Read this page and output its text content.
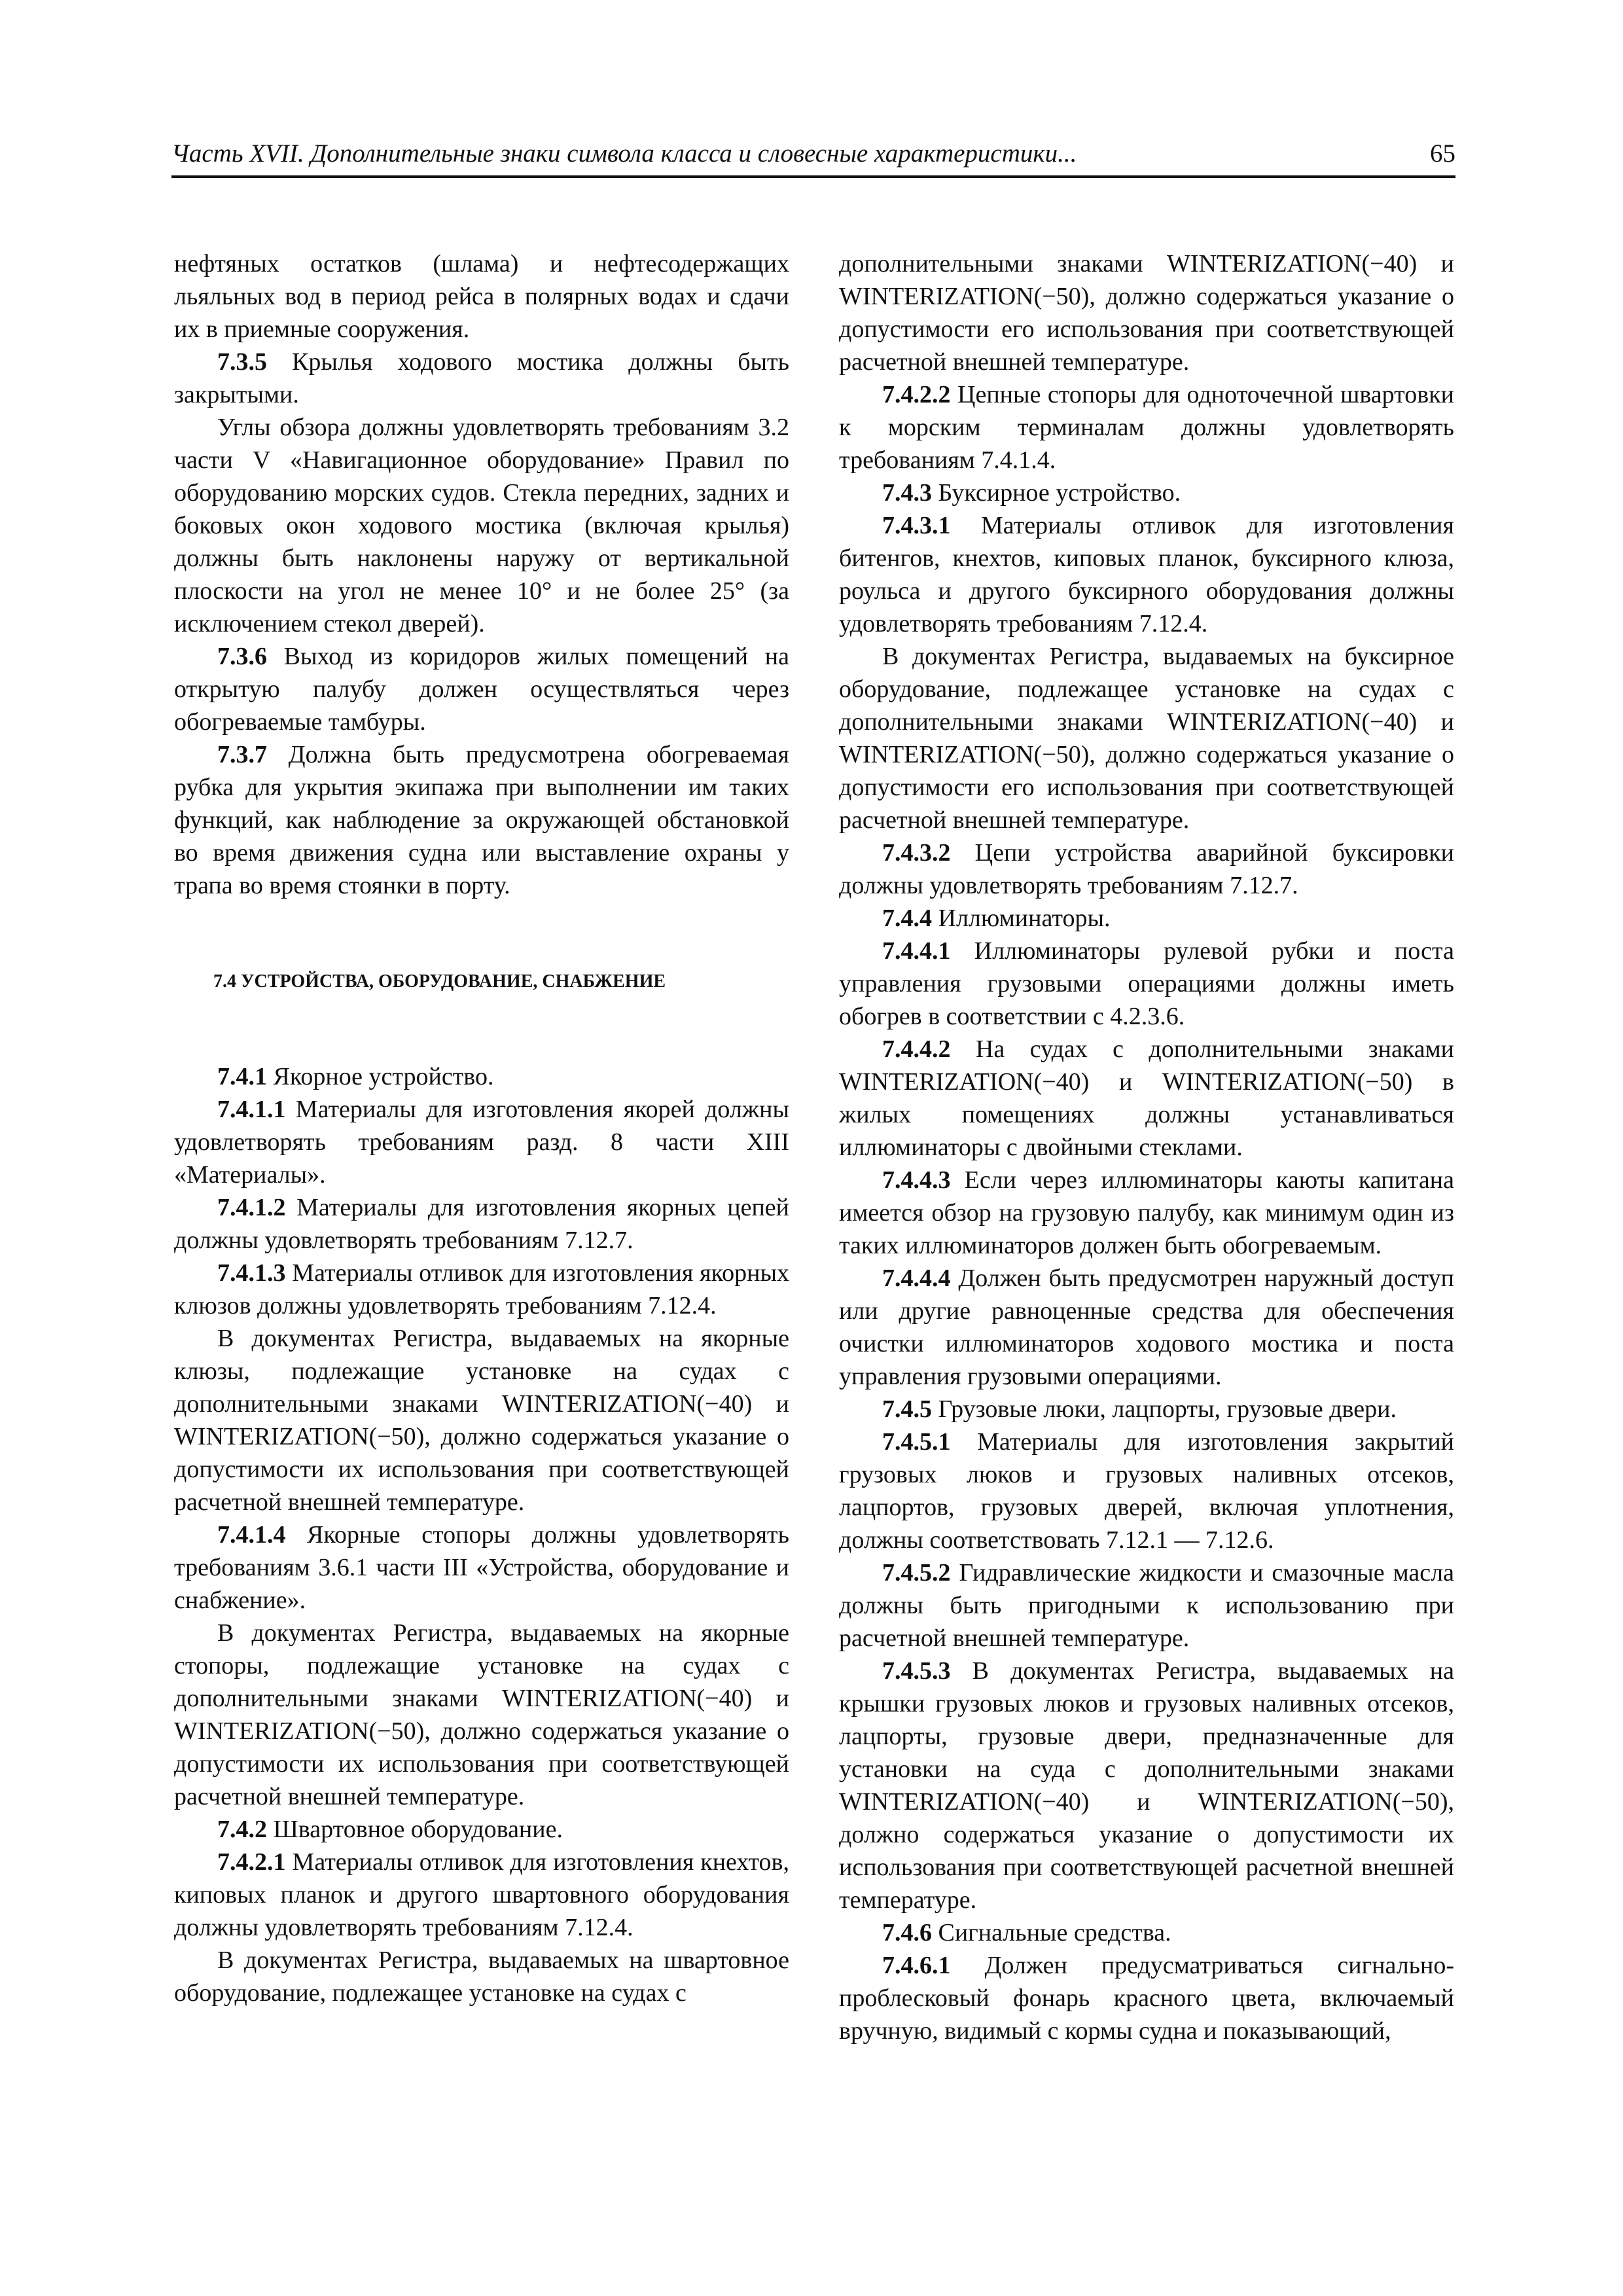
Часть XVII. Дополнительные знаки символа класса и словесные характеристики...	65

нефтяных остатков (шлама) и нефтесодержащих льяльных вод в период рейса в полярных водах и сдачи их в приемные сооружения.

7.3.5 Крылья ходового мостика должны быть закрытыми.

Углы обзора должны удовлетворять требованиям 3.2 части V «Навигационное оборудование» Правил по оборудованию морских судов. Стекла передних, задних и боковых окон ходового мостика (включая крылья) должны быть наклонены наружу от вертикальной плоскости на угол не менее 10° и не более 25° (за исключением стекол дверей).

7.3.6 Выход из коридоров жилых помещений на открытую палубу должен осуществляться через обогреваемые тамбуры.

7.3.7 Должна быть предусмотрена обогреваемая рубка для укрытия экипажа при выполнении им таких функций, как наблюдение за окружающей обстановкой во время движения судна или выставление охраны у трапа во время стоянки в порту.

7.4 УСТРОЙСТВА, ОБОРУДОВАНИЕ, СНАБЖЕНИЕ

7.4.1 Якорное устройство.

7.4.1.1 Материалы для изготовления якорей должны удовлетворять требованиям разд. 8 части XIII «Материалы».

7.4.1.2 Материалы для изготовления якорных цепей должны удовлетворять требованиям 7.12.7.

7.4.1.3 Материалы отливок для изготовления якорных клюзов должны удовлетворять требованиям 7.12.4.

В документах Регистра, выдаваемых на якорные клюзы, подлежащие установке на судах с дополнительными знаками WINTERIZATION(−40) и WINTERIZATION(−50), должно содержаться указание о допустимости их использования при соответствующей расчетной внешней температуре.

7.4.1.4 Якорные стопоры должны удовлетворять требованиям 3.6.1 части III «Устройства, оборудование и снабжение».

В документах Регистра, выдаваемых на якорные стопоры, подлежащие установке на судах с дополнительными знаками WINTERIZATION(−40) и WINTERIZATION(−50), должно содержаться указание о допустимости их использования при соответствующей расчетной внешней температуре.

7.4.2 Швартовное оборудование.

7.4.2.1 Материалы отливок для изготовления кнехтов, киповых планок и другого швартовного оборудования должны удовлетворять требованиям 7.12.4.

В документах Регистра, выдаваемых на швартовное оборудование, подлежащее установке на судах с

дополнительными знаками WINTERIZATION(−40) и WINTERIZATION(−50), должно содержаться указание о допустимости его использования при соответствующей расчетной внешней температуре.

7.4.2.2 Цепные стопоры для одноточечной швартовки к морским терминалам должны удовлетворять требованиям 7.4.1.4.

7.4.3 Буксирное устройство.

7.4.3.1 Материалы отливок для изготовления битенгов, кнехтов, киповых планок, буксирного клюза, роульса и другого буксирного оборудования должны удовлетворять требованиям 7.12.4.

В документах Регистра, выдаваемых на буксирное оборудование, подлежащее установке на судах с дополнительными знаками WINTERIZATION(−40) и WINTERIZATION(−50), должно содержаться указание о допустимости его использования при соответствующей расчетной внешней температуре.

7.4.3.2 Цепи устройства аварийной буксировки должны удовлетворять требованиям 7.12.7.

7.4.4 Иллюминаторы.

7.4.4.1 Иллюминаторы рулевой рубки и поста управления грузовыми операциями должны иметь обогрев в соответствии с 4.2.3.6.

7.4.4.2 На судах с дополнительными знаками WINTERIZATION(−40) и WINTERIZATION(−50) в жилых помещениях должны устанавливаться иллюминаторы с двойными стеклами.

7.4.4.3 Если через иллюминаторы каюты капитана имеется обзор на грузовую палубу, как минимум один из таких иллюминаторов должен быть обогреваемым.

7.4.4.4 Должен быть предусмотрен наружный доступ или другие равноценные средства для обеспечения очистки иллюминаторов ходового мостика и поста управления грузовыми операциями.

7.4.5 Грузовые люки, лацпорты, грузовые двери.

7.4.5.1 Материалы для изготовления закрытий грузовых люков и грузовых наливных отсеков, лацпортов, грузовых дверей, включая уплотнения, должны соответствовать 7.12.1 — 7.12.6.

7.4.5.2 Гидравлические жидкости и смазочные масла должны быть пригодными к использованию при расчетной внешней температуре.

7.4.5.3 В документах Регистра, выдаваемых на крышки грузовых люков и грузовых наливных отсеков, лацпорты, грузовые двери, предназначенные для установки на суда с дополнительными знаками WINTERIZATION(−40) и WINTERIZATION(−50), должно содержаться указание о допустимости их использования при соответствующей расчетной внешней температуре.

7.4.6 Сигнальные средства.

7.4.6.1 Должен предусматриваться сигнально-проблесковый фонарь красного цвета, включаемый вручную, видимый с кормы судна и показывающий,
